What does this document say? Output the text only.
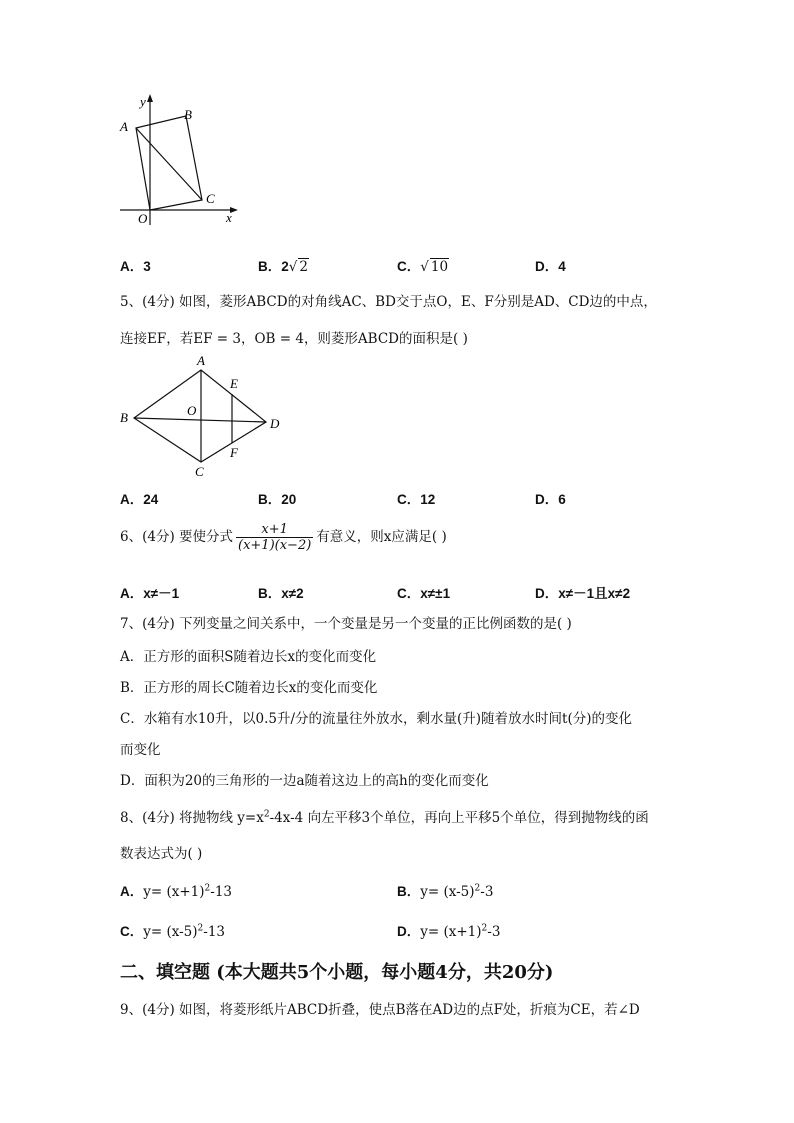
y
x
A
B
C
O
A．3	B．2√ 2	C．√ 10	D．4
5、(4分) 如图，菱形ABCD的对角线AC、BD交于点O，E、F分别是AD、CD边的中点，
连接EF，若EF = 3，OB = 4，则菱形ABCD的面积是( )
A
B
C
D
E
F
O
A．24	B．20	C．12	D．6
6、(4分) 要使分式 $\frac{x+1}{(x+1)(x-2)}$ 有意义，则x应满足( )
A．x≠－1	B．x≠2	C．x≠±1	D．x≠－1且x≠2
7、(4分) 下列变量之间关系中，一个变量是另一个变量的正比例函数的是( )
A．正方形的面积S随着边长x的变化而变化
B．正方形的周长C随着边长x的变化而变化
C．水箱有水10升，以0.5升/分的流量往外放水，剩水量(升)随着放水时间t(分)的变化
而变化
D．面积为20的三角形的一边a随着这边上的高h的变化而变化
8、(4分) 将抛物线 $y=x^2-4x-4$ 向左平移3个单位，再向上平移5个单位，得到抛物线的函
数表达式为( )
A．$y= (x+1)^2-13$	B．$y= (x-5)^2-3$
C．$y= (x-5)^2-13$	D．$y= (x+1)^2-3$
二、填空题 (本大题共5个小题，每小题4分，共20分)
9、(4分) 如图，将菱形纸片ABCD折叠，使点B落在AD边的点F处，折痕为CE，若∠D
